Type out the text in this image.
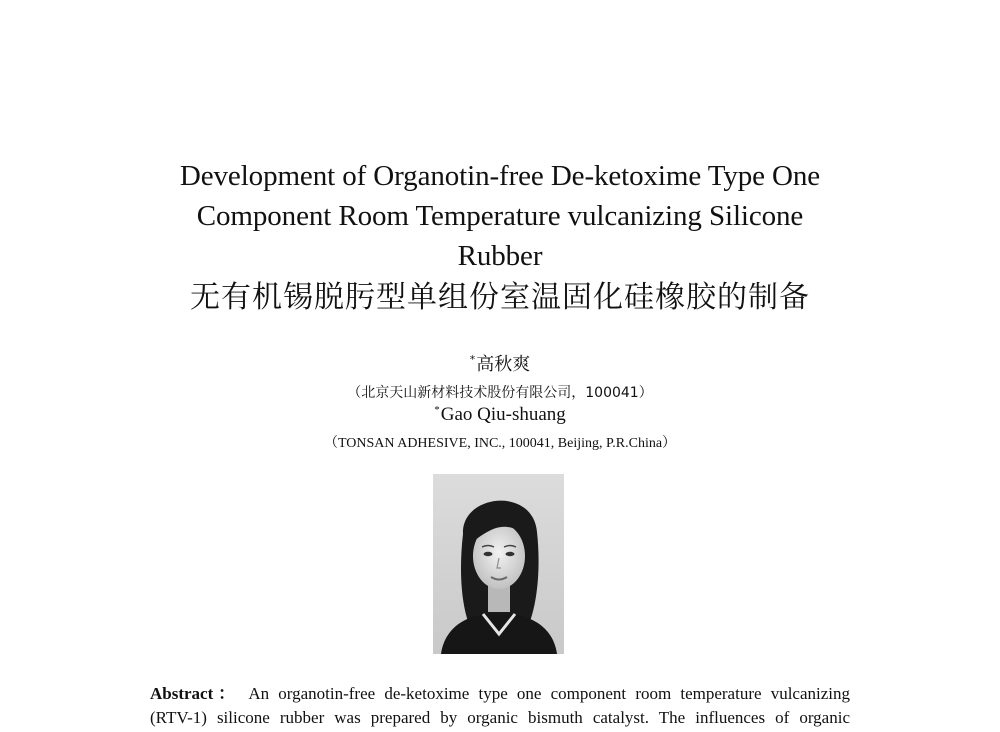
Development of Organotin-free De-ketoxime Type One
Component Room Temperature vulcanizing Silicone
Rubber
无有机锡脱肟型单组份室温固化硅橡胶的制备
*高秋爽
（北京天山新材料技术股份有限公司，100041）
*Gao Qiu-shuang
（TONSAN ADHESIVE, INC., 100041, Beijing, P.R.China）
Abstract： An organotin-free de-ketoxime type one component room temperature vulcanizing
(RTV-1) silicone rubber was prepared by organic bismuth catalyst. The influences of organic
